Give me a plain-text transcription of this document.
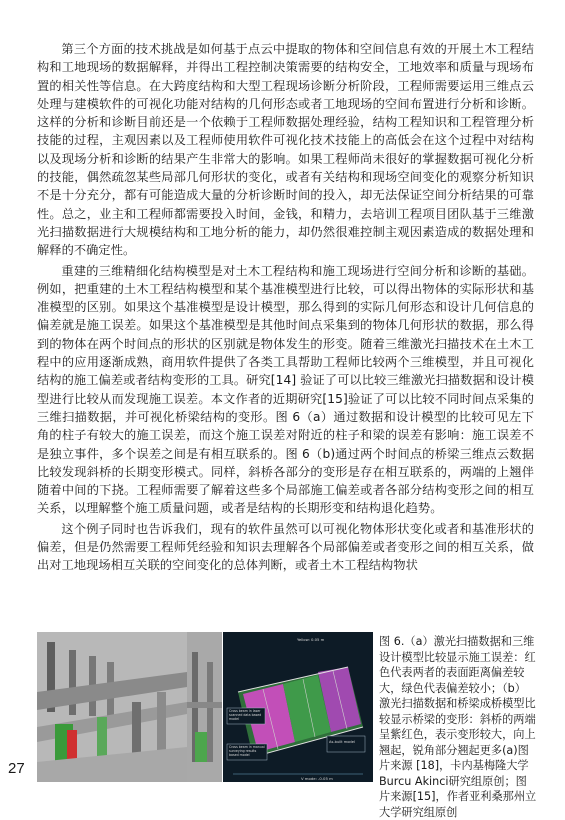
第三个方面的技术挑战是如何基于点云中提取的物体和空间信息有效的开展土木工程结构和工地现场的数据解释，并得出工程控制决策需要的结构安全，工地效率和质量与现场布置的相关性等信息。在大跨度结构和大型工程现场诊断分析阶段，工程师需要运用三维点云处理与建模软件的可视化功能对结构的几何形态或者工地现场的空间布置进行分析和诊断。这样的分析和诊断目前还是一个依赖于工程师数据处理经验，结构工程知识和工程管理分析技能的过程，主观因素以及工程师使用软件可视化技术技能上的高低会在这个过程中对结构以及现场分析和诊断的结果产生非常大的影响。如果工程师尚未很好的掌握数据可视化分析的技能，偶然疏忽某些局部几何形状的变化，或者有关结构和现场空间变化的观察分析知识不是十分充分，都有可能造成大量的分析诊断时间的投入，却无法保证空间分析结果的可靠性。总之，业主和工程师都需要投入时间，金钱，和精力，去培训工程项目团队基于三维激光扫描数据进行大规模结构和工地分析的能力，却仍然很难控制主观因素造成的数据处理和解释的不确定性。

重建的三维精细化结构模型是对土木工程结构和施工现场进行空间分析和诊断的基础。例如，把重建的土木工程结构模型和某个基准模型进行比较，可以得出物体的实际形状和基准模型的区别。如果这个基准模型是设计模型，那么得到的实际几何形态和设计几何信息的偏差就是施工误差。如果这个基准模型是其他时间点采集到的物体几何形状的数据，那么得到的物体在两个时间点的形状的区别就是物体发生的形变。随着三维激光扫描技术在土木工程中的应用逐渐成熟，商用软件提供了各类工具帮助工程师比较两个三维模型，并且可视化结构的施工偏差或者结构变形的工具。研究[14] 验证了可以比较三维激光扫描数据和设计模型进行比较从而发现施工误差。本文作者的近期研究[15]验证了可以比较不同时间点采集的三维扫描数据，并可视化桥梁结构的变形。图 6（a）通过数据和设计模型的比较可见左下角的柱子有较大的施工误差，而这个施工误差对附近的柱子和梁的误差有影响：施工误差不是独立事件，多个误差之间是有相互联系的。图 6（b)通过两个时间点的桥梁三维点云数据比较发现斜桥的长期变形模式。同样，斜桥各部分的变形是存在相互联系的，两端的上翘伴随着中间的下挠。工程师需要了解着这些多个局部施工偏差或者各部分结构变形之间的相互关系，以理解整个施工质量问题，或者是结构的长期形变和结构退化趋势。

这个例子同时也告诉我们，现有的软件虽然可以可视化物体形状变化或者和基准形状的偏差，但是仍然需要工程师凭经验和知识去理解各个局部偏差或者变形之间的相互关系，做出对工地现场相互关联的空间变化的总体判断，或者土木工程结构物状

Yellow: 0.05 m
Cross beam in laser scanned data based model
Cross beam in manual surveying results based model
As-built model
V mode: -0.05 m
图 6.（a）激光扫描数据和三维设计模型比较显示施工误差：红色代表两者的表面距离偏差较大，绿色代表偏差较小；（b）激光扫描数据和桥梁成桥模型比较显示桥梁的变形：斜桥的两端呈紫红色，表示变形较大，向上翘起，锐角部分翘起更多(a)图片来源 [18]，卡内基梅隆大学Burcu Akinci研究组原创；图片来源[15]，作者亚利桑那州立大学研究组原创
27
